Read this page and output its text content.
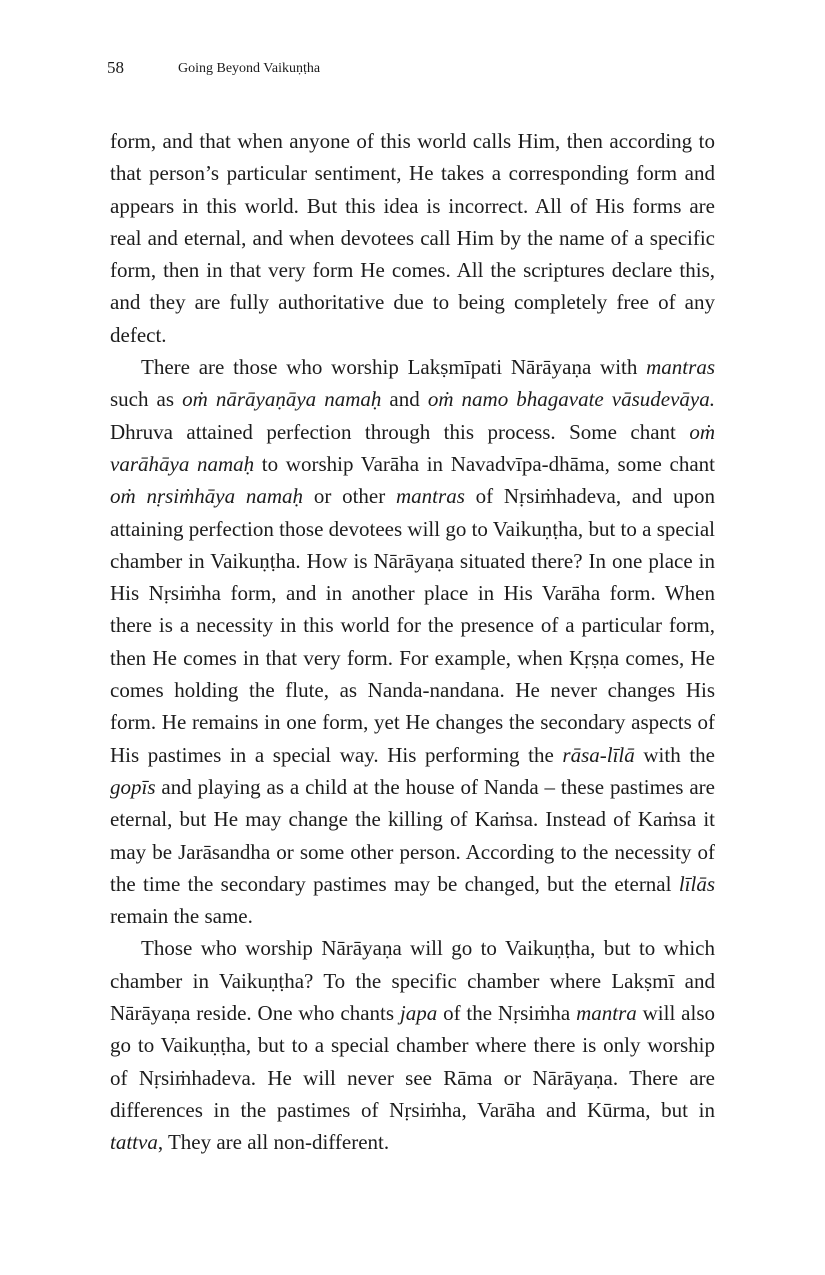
58	Going Beyond Vaikuṇṭha

form, and that when anyone of this world calls Him, then according to that person’s particular sentiment, He takes a corresponding form and appears in this world. But this idea is incorrect. All of His forms are real and eternal, and when devotees call Him by the name of a specific form, then in that very form He comes. All the scriptures declare this, and they are fully authoritative due to being completely free of any defect.

There are those who worship Lakṣmīpati Nārāyaṇa with mantras such as oṁ nārāyaṇāya namaḥ and oṁ namo bhagavate vāsudevāya. Dhruva attained perfection through this process. Some chant oṁ varāhāya namaḥ to worship Varāha in Navadvīpa-dhāma, some chant oṁ nṛsiṁhāya namaḥ or other mantras of Nṛsiṁhadeva, and upon attaining perfection those devotees will go to Vaikuṇṭha, but to a special chamber in Vaikuṇṭha. How is Nārāyaṇa situated there? In one place in His Nṛsiṁha form, and in another place in His Varāha form. When there is a necessity in this world for the presence of a particular form, then He comes in that very form. For example, when Kṛṣṇa comes, He comes holding the flute, as Nanda-nandana. He never changes His form. He remains in one form, yet He changes the secondary aspects of His pastimes in a special way. His performing the rāsa-līlā with the gopīs and playing as a child at the house of Nanda – these pastimes are eternal, but He may change the killing of Kaṁsa. Instead of Kaṁsa it may be Jarāsandha or some other person. According to the necessity of the time the secondary pastimes may be changed, but the eternal līlās remain the same.

Those who worship Nārāyaṇa will go to Vaikuṇṭha, but to which chamber in Vaikuṇṭha? To the specific chamber where Lakṣmī and Nārāyaṇa reside. One who chants japa of the Nṛsiṁha mantra will also go to Vaikuṇṭha, but to a special chamber where there is only worship of Nṛsiṁhadeva. He will never see Rāma or Nārāyaṇa. There are differences in the pastimes of Nṛsiṁha, Varāha and Kūrma, but in tattva, They are all non-different.
